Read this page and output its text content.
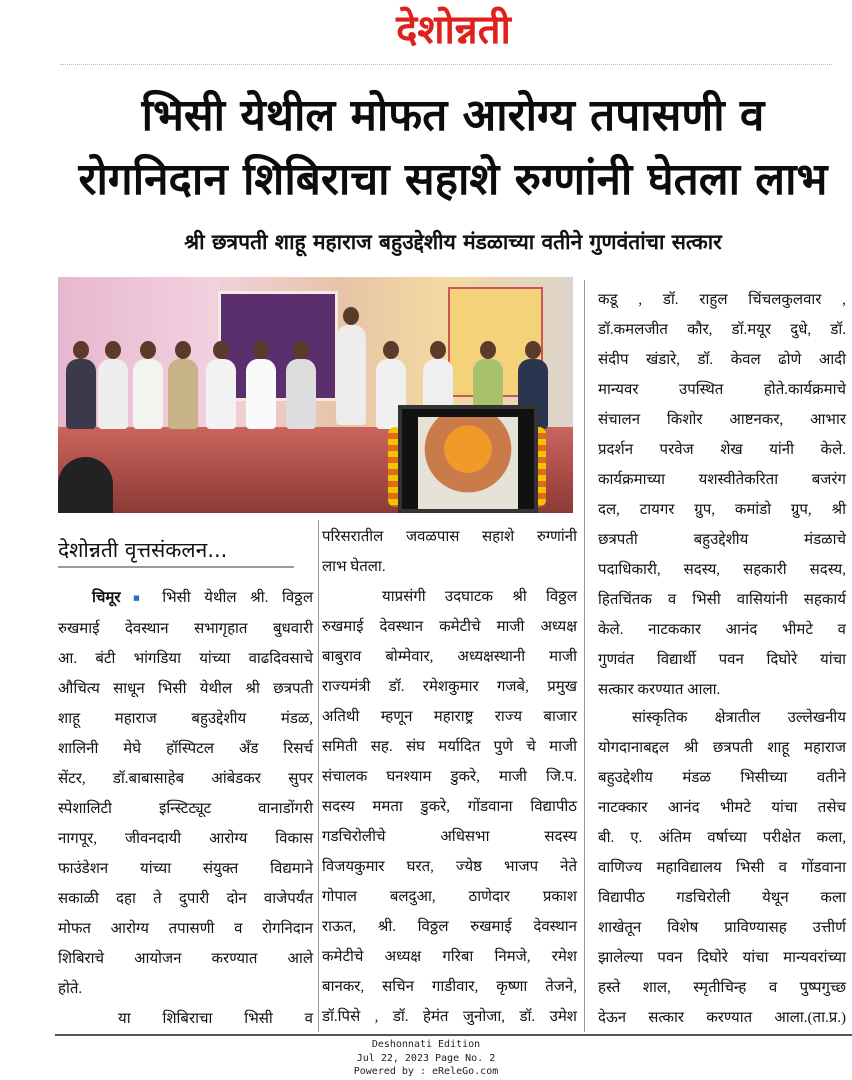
देशोन्नती
भिसी येथील मोफत आरोग्य तपासणी व
रोगनिदान शिबिराचा सहाशे रुग्णांनी घेतला लाभ
श्री छत्रपती शाहू महाराज बहुउद्देशीय मंडळाच्या वतीने गुणवंतांचा सत्कार
देशोन्नती वृत्तसंकलन...
चिमूर ■ भिसी येथील श्री. विठ्ठल
रुखमाई देवस्थान सभागृहात बुधवारी
आ. बंटी भांगडिया यांच्या वाढदिवसाचे
औचित्य साधून भिसी येथील श्री छत्रपती
शाहू महाराज बहुउद्देशीय मंडळ,
शालिनी मेघे हॉस्पिटल अँड रिसर्च
सेंटर, डॉ.बाबासाहेब आंबेडकर सुपर
स्पेशालिटी इन्स्टिट्यूट वानाडोंगरी
नागपूर, जीवनदायी आरोग्य विकास
फाउंडेशन यांच्या संयुक्त विद्यमाने
सकाळी दहा ते दुपारी दोन वाजेपर्यंत
मोफत आरोग्य तपासणी व रोगनिदान
शिबिराचे आयोजन करण्यात आले
होते.
या शिबिराचा भिसी व
परिसरातील जवळपास सहाशे रुग्णांनी
लाभ घेतला.
याप्रसंगी उदघाटक श्री विठ्ठल
रुखमाई देवस्थान कमेटीचे माजी अध्यक्ष
बाबुराव बोम्मेवार, अध्यक्षस्थानी माजी
राज्यमंत्री डॉ. रमेशकुमार गजबे, प्रमुख
अतिथी म्हणून महाराष्ट्र राज्य बाजार
समिती सह. संघ मर्यादित पुणे चे माजी
संचालक घनश्याम डुकरे, माजी जि.प.
सदस्य ममता डुकरे, गोंडवाना विद्यापीठ
गडचिरोलीचे अधिसभा सदस्य
विजयकुमार घरत, ज्येष्ठ भाजप नेते
गोपाल बलदुआ, ठाणेदार प्रकाश
राऊत, श्री. विठ्ठल रुखमाई देवस्थान
कमेटीचे अध्यक्ष गरिबा निमजे, रमेश
बानकर, सचिन गाडीवार, कृष्णा तेजने,
डॉ.पिसे , डॉ. हेमंत जुनोजा, डॉ. उमेश
कडू , डॉ. राहुल चिंचलकुलवार ,
डॉ.कमलजीत कौर, डॉ.मयूर दुधे, डॉ.
संदीप खंडारे, डॉ. केवल ढोणे आदी
मान्यवर उपस्थित होते.कार्यक्रमाचे
संचालन किशोर आष्टनकर, आभार
प्रदर्शन परवेज शेख यांनी केले.
कार्यक्रमाच्या यशस्वीतेकरिता बजरंग
दल, टायगर ग्रुप, कमांडो ग्रुप, श्री
छत्रपती बहुउद्देशीय मंडळाचे
पदाधिकारी, सदस्य, सहकारी सदस्य,
हितचिंतक व भिसी वासियांनी सहकार्य
केले. नाटककार आनंद भीमटे व
गुणवंत विद्यार्थी पवन दिघोरे यांचा
सत्कार करण्यात आला.
सांस्कृतिक क्षेत्रातील उल्लेखनीय
योगदानाबद्दल श्री छत्रपती शाहू महाराज
बहुउद्देशीय मंडळ भिसीच्या वतीने
नाटक्कार आनंद भीमटे यांचा तसेच
बी. ए. अंतिम वर्षाच्या परीक्षेत कला,
वाणिज्य महाविद्यालय भिसी व गोंडवाना
विद्यापीठ गडचिरोली येथून कला
शाखेतून विशेष प्राविण्यासह उत्तीर्ण
झालेल्या पवन दिघोरे यांचा मान्यवरांच्या
हस्ते शाल, स्मृतीचिन्ह व पुष्पगुच्छ
देऊन सत्कार करण्यात आला.(ता.प्र.)
Deshonnati Edition
Jul 22, 2023 Page No. 2
Powered by : eReleGo.com
